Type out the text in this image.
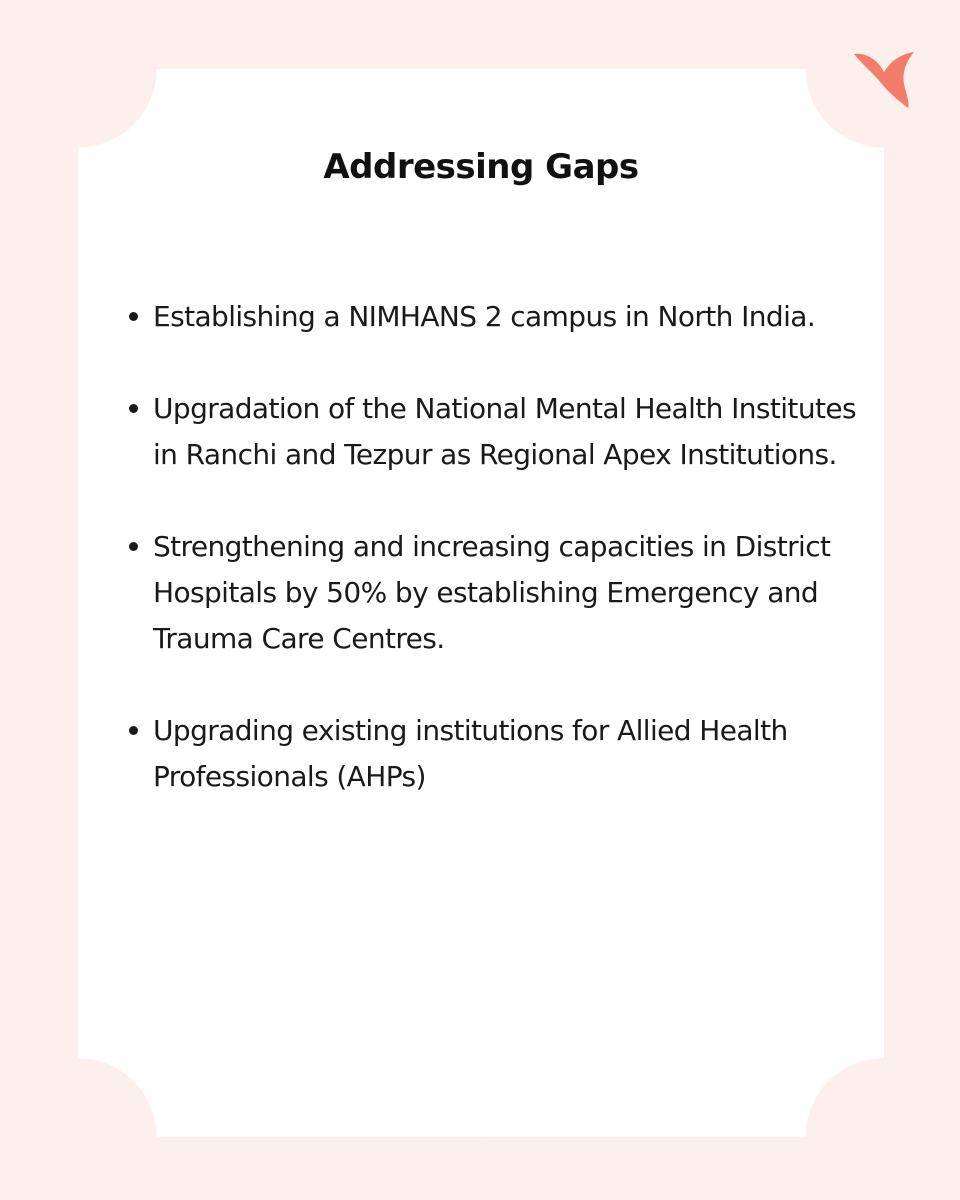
Addressing Gaps
Establishing a NIMHANS 2 campus in North India.
Upgradation of the National Mental Health Institutes in Ranchi and Tezpur as Regional Apex Institutions.
Strengthening and increasing capacities in District Hospitals by 50% by establishing Emergency and Trauma Care Centres.
Upgrading existing institutions for Allied Health Professionals (AHPs)
